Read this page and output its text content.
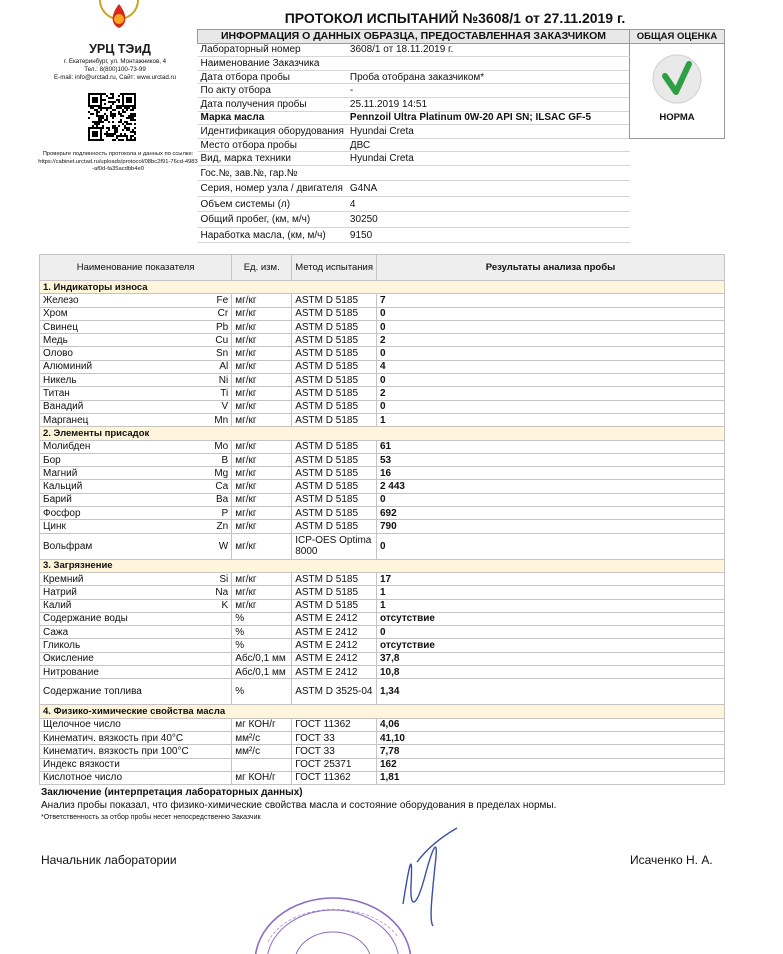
УРЦ ТЭиД
г. Екатеринбург, ул. Монтажников, 4
Тел.: 8(800)100-73-99
E-mail: info@urctad.ru, Сайт: www.urctad.ru
Проверьте подлинность протокола и данных по ссылке:
https://cabinet.urctad.ru/uploads/protocol/08bc2f91-76cd-4983-af0d-fa35acdbb4e0
ПРОТОКОЛ ИСПЫТАНИЙ №3608/1 от 27.11.2019 г.
ИНФОРМАЦИЯ О ДАННЫХ ОБРАЗЦА, ПРЕДОСТАВЛЕННАЯ ЗАКАЗЧИКОМ		ОБЩАЯ ОЦЕНКА
Лабораторный номер	3608/1 от 18.11.2019 г.	НОРМА

Наименование Заказчика		
Дата отбора пробы	Проба отобрана заказчиком*	
По акту отбора	-	
Дата получения пробы	25.11.2019 14:51	
Марка масла	Pennzoil Ultra Platinum 0W-20 API SN; ILSAC GF-5	
Идентификация оборудования	Hyundai Creta	
Место отбора пробы	ДВС	
Вид, марка техники	Hyundai Creta	
Гос.№, зав.№, гар.№		
Серия, номер узла / двигателя	G4NA	
Объем системы (л)	4	
Общий пробег, (км, м/ч)	30250	
Наработка масла, (км, м/ч)	9150	
Наименование показателя		Ед. изм.	Метод испытания	Результаты анализа пробы
1. Индикаторы износа				
Железо	Fe	мг/кг	ASTM D 5185	7
Хром	Cr	мг/кг	ASTM D 5185	0
Свинец	Pb	мг/кг	ASTM D 5185	0
Медь	Cu	мг/кг	ASTM D 5185	2
Олово	Sn	мг/кг	ASTM D 5185	0
Алюминий	Al	мг/кг	ASTM D 5185	4
Никель	Ni	мг/кг	ASTM D 5185	0
Титан	Ti	мг/кг	ASTM D 5185	2
Ванадий	V	мг/кг	ASTM D 5185	0
Марганец	Mn	мг/кг	ASTM D 5185	1
2. Элементы присадок				
Молибден	Mo	мг/кг	ASTM D 5185	61
Бор	B	мг/кг	ASTM D 5185	53
Магний	Mg	мг/кг	ASTM D 5185	16
Кальций	Ca	мг/кг	ASTM D 5185	2 443
Барий	Ba	мг/кг	ASTM D 5185	0
Фосфор	P	мг/кг	ASTM D 5185	692
Цинк	Zn	мг/кг	ASTM D 5185	790
Вольфрам	W	мг/кг	ICP-OES Optima 8000	0
3. Загрязнение				
Кремний	Si	мг/кг	ASTM D 5185	17
Натрий	Na	мг/кг	ASTM D 5185	1
Калий	K	мг/кг	ASTM D 5185	1
Содержание воды		%	ASTM E 2412	отсутствие
Сажа		%	ASTM E 2412	0
Гликоль		%	ASTM E 2412	отсутствие
Окисление		Абс/0,1 мм	ASTM E 2412	37,8
Нитрование		Абс/0,1 мм	ASTM E 2412	10,8
Содержание топлива		%	ASTM D 3525-04	1,34
4. Физико-химические свойства масла				
Щелочное число		мг КОН/г	ГОСТ 11362	4,06
Кинематич. вязкость при 40°С		мм²/с	ГОСТ 33	41,10
Кинематич. вязкость при 100°С		мм²/с	ГОСТ 33	7,78
Индекс вязкости			ГОСТ 25371	162
Кислотное число		мг КОН/г	ГОСТ 11362	1,81
Заключение (интерпретация лабораторных данных)
Анализ пробы показал, что физико-химические свойства масла и состояние оборудования в пределах нормы.
*Ответственность за отбор пробы несет непосредственно Заказчик
Начальник лаборатории	Исаченко Н. А.
